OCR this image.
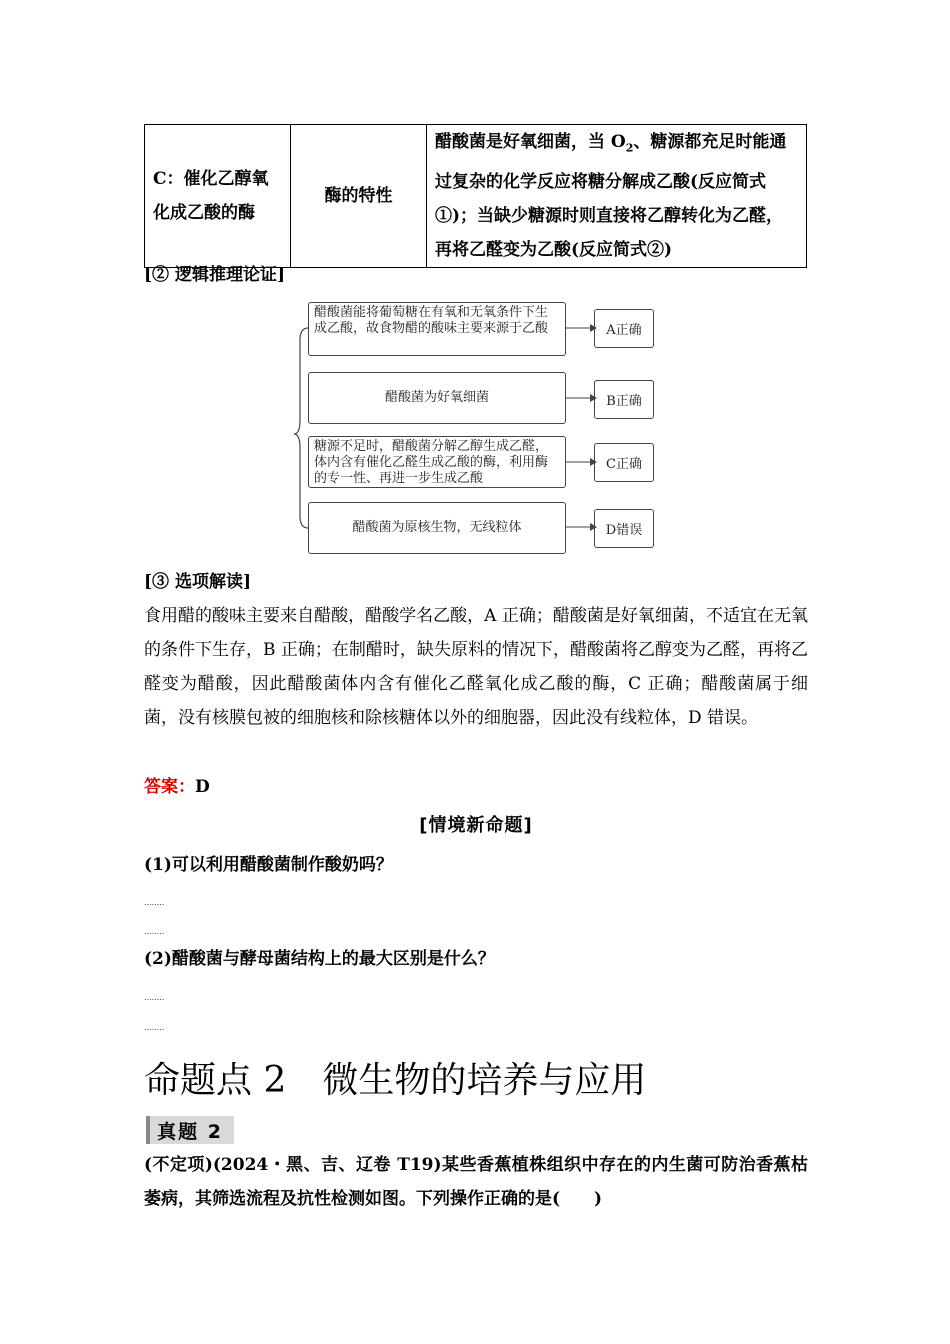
C：催化乙醇氧化成乙酸的酶	酶的特性	醋酸菌是好氧细菌，当 $O_2$、糖源都充足时能通过复杂的化学反应将糖分解成乙酸(反应简式①)；当缺少糖源时则直接将乙醇转化为乙醛，再将乙醛变为乙酸(反应简式②)
[② 逻辑推理论证]
醋酸菌能将葡萄糖在有氧和无氧条件下生成乙酸，故食物醋的酸味主要来源于乙酸
醋酸菌为好氧细菌
糖源不足时，醋酸菌分解乙醇生成乙醛，体内含有催化乙醛生成乙酸的酶，利用酶的专一性、再进一步生成乙酸
醋酸菌为原核生物，无线粒体
A正确
B正确
C正确
D错误
[③ 选项解读]
食用醋的酸味主要来自醋酸，醋酸学名乙酸，A 正确；醋酸菌是好氧细菌，不适宜在无氧的条件下生存，B 正确；在制醋时，缺失原料的情况下，醋酸菌将乙醇变为乙醛，再将乙醛变为醋酸，因此醋酸菌体内含有催化乙醛氧化成乙酸的酶，C 正确；醋酸菌属于细菌，没有核膜包被的细胞核和除核糖体以外的细胞器，因此没有线粒体，D 错误。
答案：D
[情境新命题]
(1)可以利用醋酸菌制作酸奶吗？
........
........
(2)醋酸菌与酵母菌结构上的最大区别是什么？
........
........
命题点 2　微生物的培养与应用
真题 2
(不定项)(2024・黑、吉、辽卷 T19)某些香蕉植株组织中存在的内生菌可防治香蕉枯萎病，其筛选流程及抗性检测如图。下列操作正确的是(　　)
